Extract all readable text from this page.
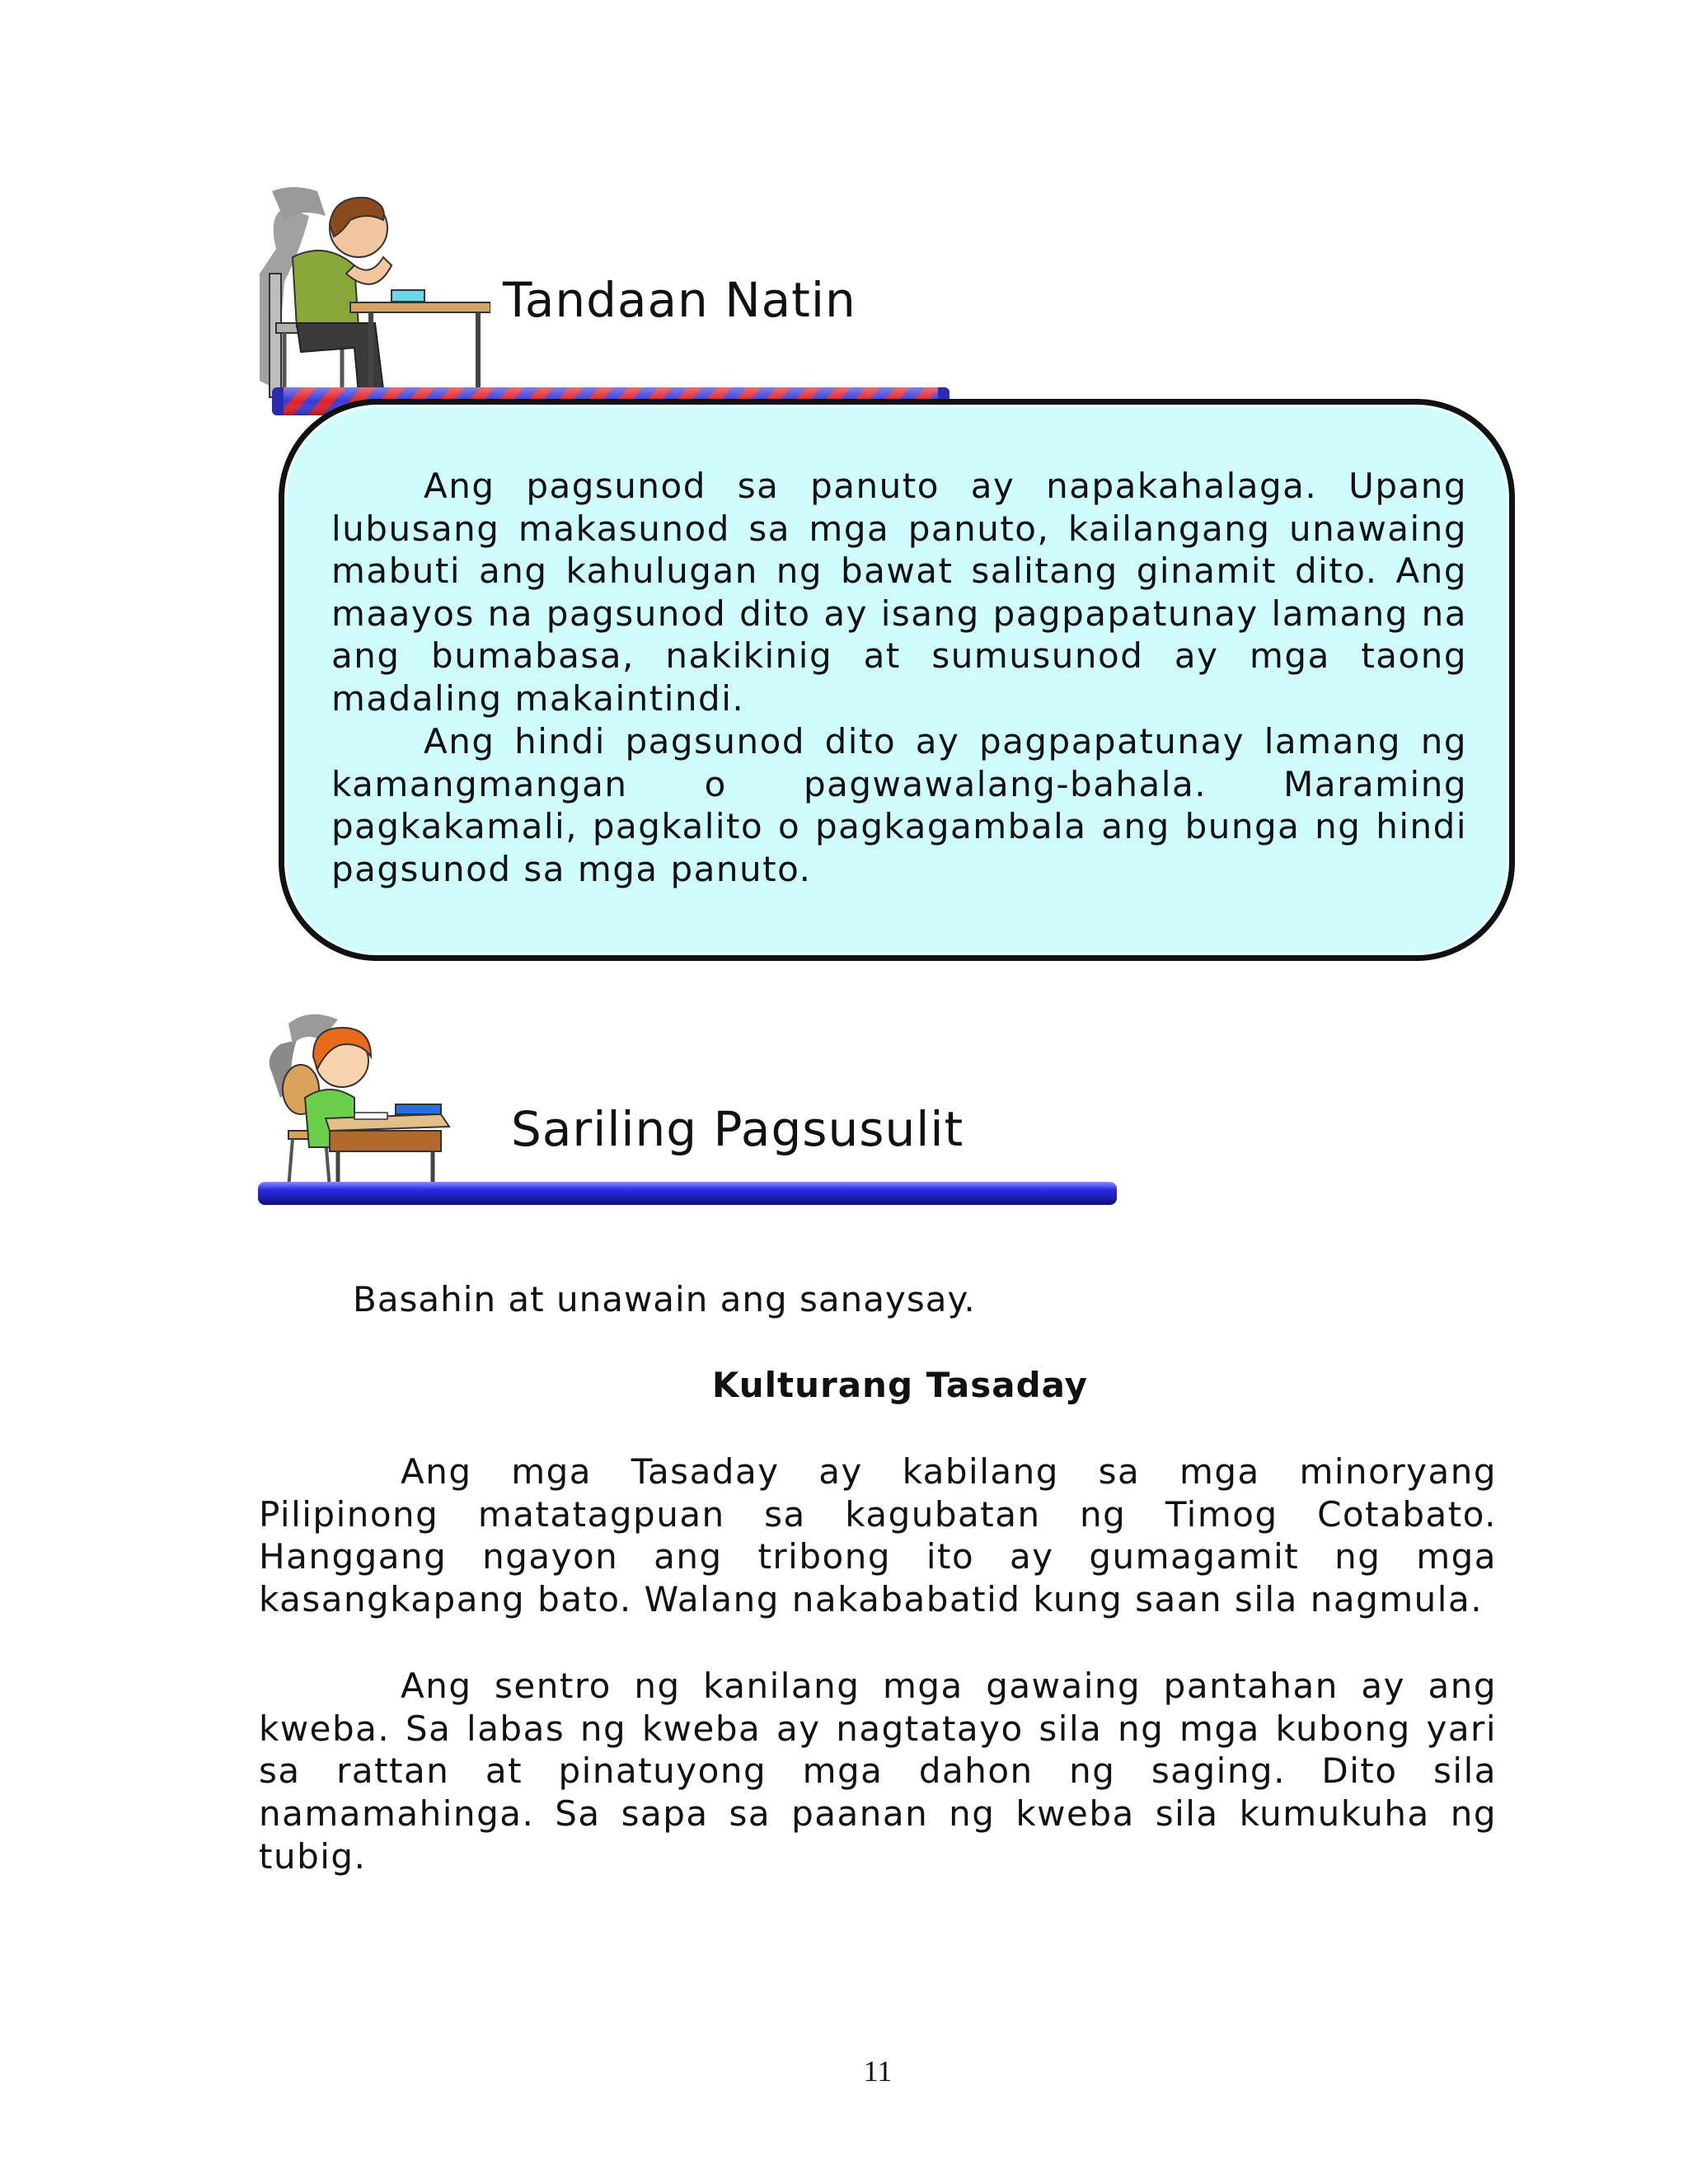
Tandaan Natin

Ang pagsunod sa panuto ay napakahalaga. Upang lubusang makasunod sa mga panuto, kailangang unawaing mabuti ang kahulugan ng bawat salitang ginamit dito. Ang maayos na pagsunod dito ay isang pagpapatunay lamang na ang bumabasa, nakikinig at sumusunod ay mga taong madaling makaintindi.

Ang hindi pagsunod dito ay pagpapatunay lamang ng kamangmangan o pagwawalang-bahala. Maraming pagkakamali, pagkalito o pagkagambala ang bunga ng hindi pagsunod sa mga panuto.

Sariling Pagsusulit
Basahin at unawain ang sanaysay.
Kulturang Tasaday

Ang mga Tasaday ay kabilang sa mga minoryang Pilipinong matatagpuan sa kagubatan ng Timog Cotabato. Hanggang ngayon ang tribong ito ay gumagamit ng mga kasangkapang bato. Walang nakababatid kung saan sila nagmula.

Ang sentro ng kanilang mga gawaing pantahan ay ang kweba. Sa labas ng kweba ay nagtatayo sila ng mga kubong yari sa rattan at pinatuyong mga dahon ng saging. Dito sila namamahinga. Sa sapa sa paanan ng kweba sila kumukuha ng tubig.

11
